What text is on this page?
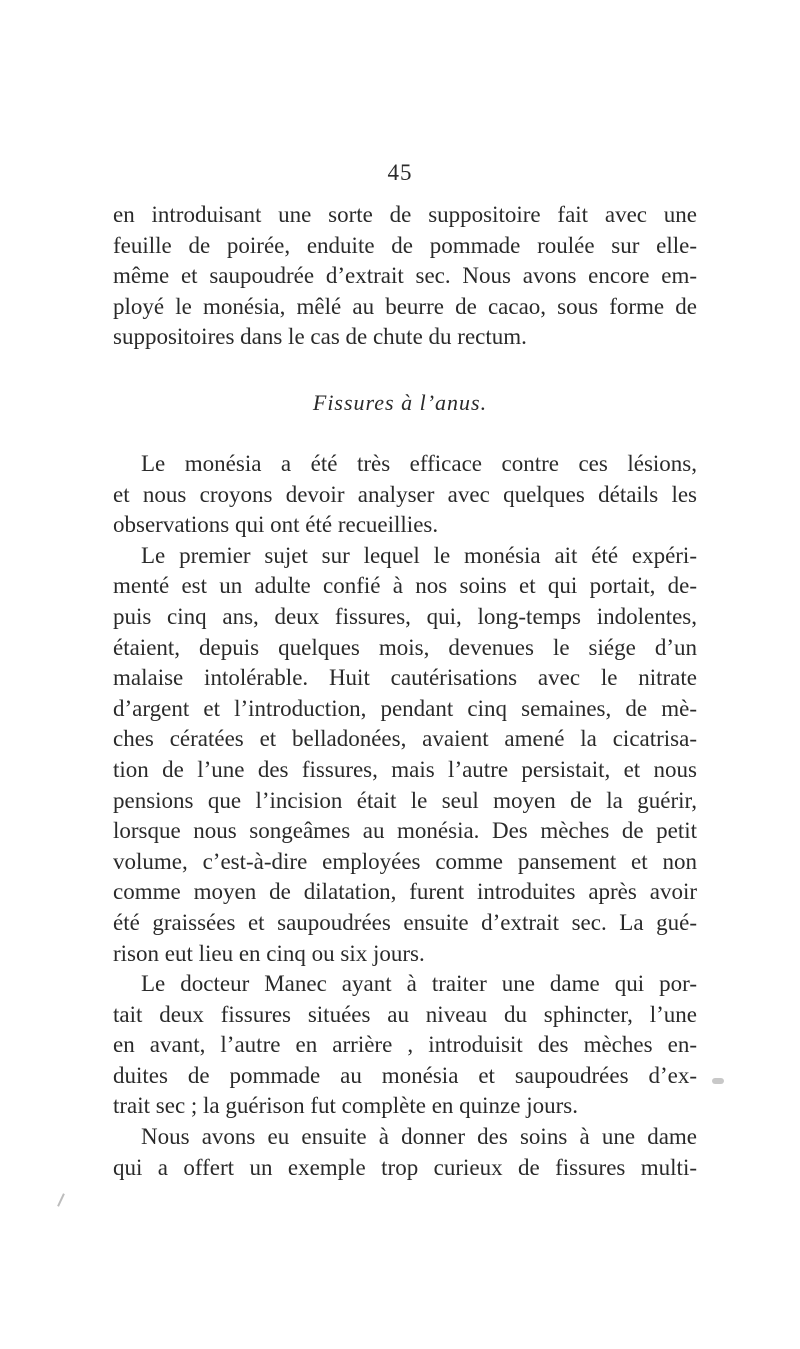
45
en introduisant une sorte de suppositoire fait avec une
feuille de poirée, enduite de pommade roulée sur elle-
même et saupoudrée d’extrait sec. Nous avons encore em-
ployé le monésia, mêlé au beurre de cacao, sous forme de
suppositoires dans le cas de chute du rectum.
Fissures à l’anus.
Le monésia a été très efficace contre ces lésions,
et nous croyons devoir analyser avec quelques détails les
observations qui ont été recueillies.
Le premier sujet sur lequel le monésia ait été expéri-
menté est un adulte confié à nos soins et qui portait, de-
puis cinq ans, deux fissures, qui, long-temps indolentes,
étaient, depuis quelques mois, devenues le siége d’un
malaise intolérable. Huit cautérisations avec le nitrate
d’argent et l’introduction, pendant cinq semaines, de mè-
ches cératées et belladonées, avaient amené la cicatrisa-
tion de l’une des fissures, mais l’autre persistait, et nous
pensions que l’incision était le seul moyen de la guérir,
lorsque nous songeâmes au monésia. Des mèches de petit
volume, c’est-à-dire employées comme pansement et non
comme moyen de dilatation, furent introduites après avoir
été graissées et saupoudrées ensuite d’extrait sec. La gué-
rison eut lieu en cinq ou six jours.
Le docteur Manec ayant à traiter une dame qui por-
tait deux fissures situées au niveau du sphincter, l’une
en avant, l’autre en arrière , introduisit des mèches en-
duites de pommade au monésia et saupoudrées d’ex-
trait sec ; la guérison fut complète en quinze jours.
Nous avons eu ensuite à donner des soins à une dame
qui a offert un exemple trop curieux de fissures multi-
